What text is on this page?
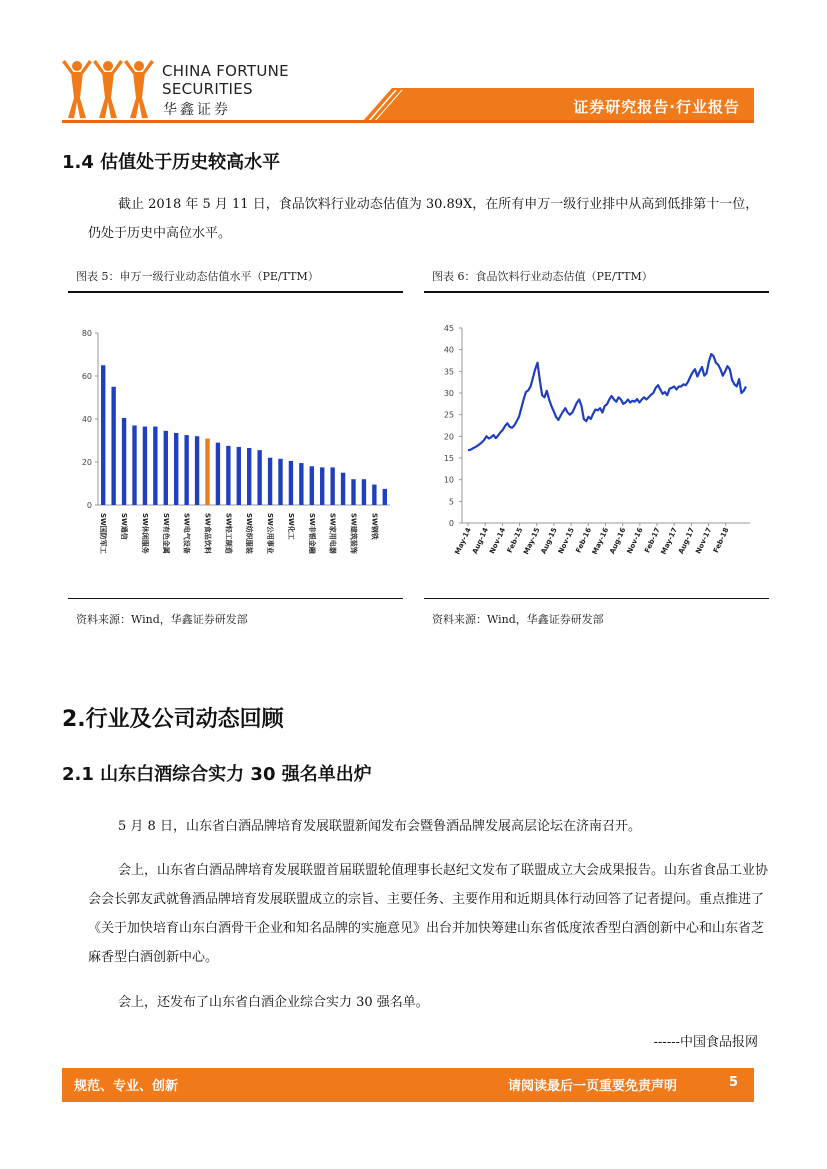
CHINA FORTUNE
SECURITIES
华鑫证券	证券研究报告·行业报告
1.4 估值处于历史较高水平

截止 2018 年 5 月 11 日，食品饮料行业动态估值为 30.89X，在所有申万一级行业排中从高到低排第十一位，仍处于历史中高位水平。

图表 5：申万一级行业动态估值水平（PE/TTM）
0
20
40
60
80
SW国防军工 SW通信 SW休闲服务 SW有色金属 SW电气设备 SW食品饮料 SW轻工制造 SW纺织服装 SW公用事业 SW化工 SW非银金融 SW家用电器 SW建筑装饰 SW钢铁
资料来源：Wind，华鑫证券研发部
图表 6：食品饮料行业动态估值（PE/TTM）
0
5
10
15
20
25
30
35
40
45
May-14
Aug-14
Nov-14
Feb-15
May-15
Aug-15
Nov-15
Feb-16
May-16
Aug-16
Nov-16
Feb-17
May-17
Aug-17
Nov-17
Feb-18
资料来源：Wind，华鑫证券研发部
2.行业及公司动态回顾
2.1 山东白酒综合实力 30 强名单出炉

5 月 8 日，山东省白酒品牌培育发展联盟新闻发布会暨鲁酒品牌发展高层论坛在济南召开。

会上，山东省白酒品牌培育发展联盟首届联盟轮值理事长赵纪文发布了联盟成立大会成果报告。山东省食品工业协会会长郭友武就鲁酒品牌培育发展联盟成立的宗旨、主要任务、主要作用和近期具体行动回答了记者提问。重点推进了《关于加快培育山东白酒骨干企业和知名品牌的实施意见》出台并加快筹建山东省低度浓香型白酒创新中心和山东省芝麻香型白酒创新中心。

会上，还发布了山东省白酒企业综合实力 30 强名单。

------中国食品报网
规范、专业、创新	请阅读最后一页重要免责声明	5
